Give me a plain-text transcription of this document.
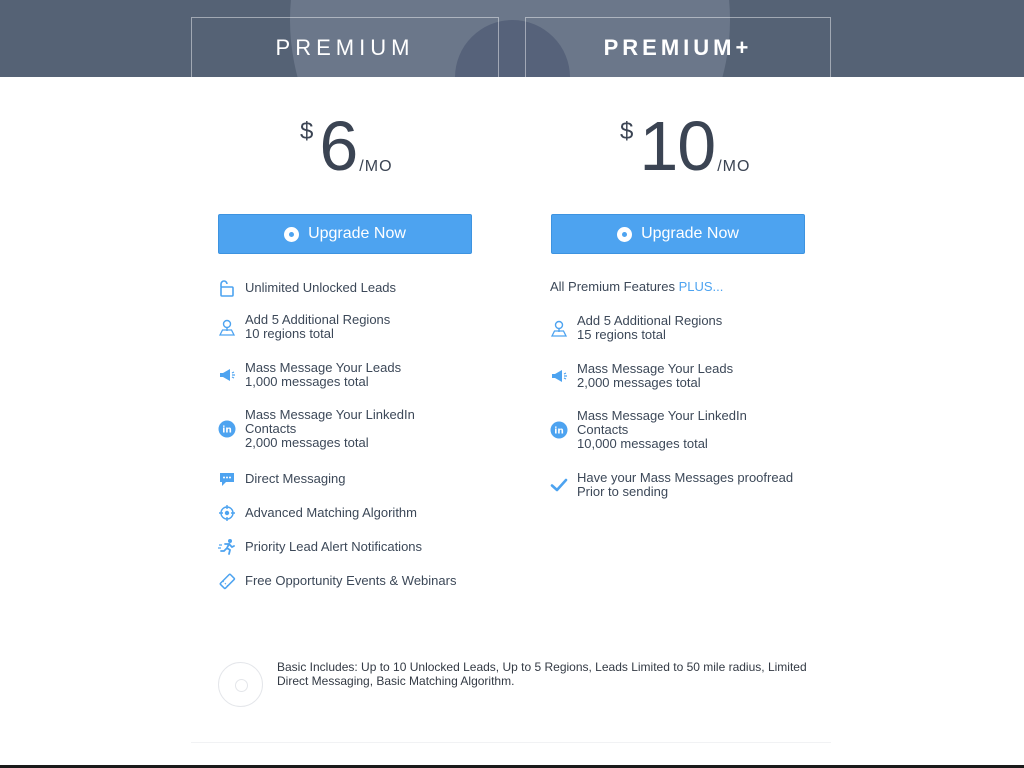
PREMIUM	PREMIUM+
$ 6 /MO
$ 10 /MO
Upgrade Now	Upgrade Now
All Premium Features PLUS...
Unlimited Unlocked Leads
Add 5 Additional Regions
10 regions total
Mass Message Your Leads
1,000 messages total
in
Mass Message Your LinkedIn
Contacts
2,000 messages total
Direct Messaging
Advanced Matching Algorithm
Priority Lead Alert Notifications
Free Opportunity Events & Webinars
Add 5 Additional Regions
15 regions total
Mass Message Your Leads
2,000 messages total
in
Mass Message Your LinkedIn
Contacts
10,000 messages total
Have your Mass Messages proofread
Prior to sending
Basic Includes: Up to 10 Unlocked Leads, Up to 5 Regions, Leads Limited to 50 mile radius, Limited Direct Messaging, Basic Matching Algorithm.
